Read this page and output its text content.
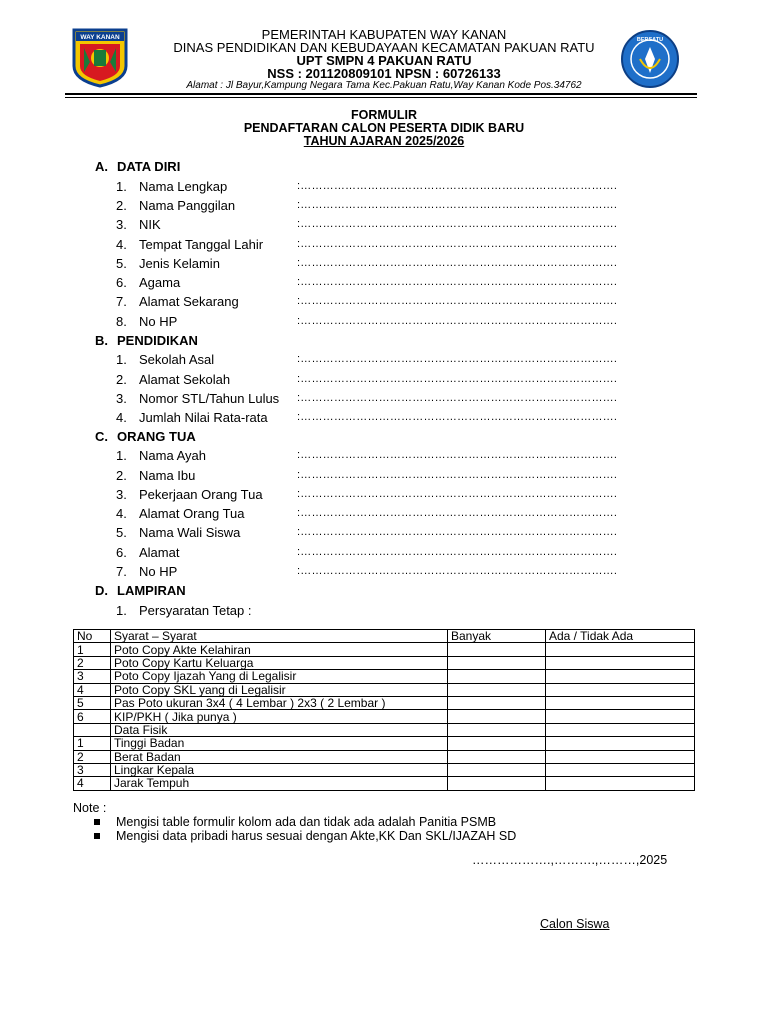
WAY KANAN	BERSATU
PEMERINTAH KABUPATEN WAY KANAN
DINAS PENDIDIKAN DAN KEBUDAYAAN KECAMATAN PAKUAN RATU
UPT SMPN 4 PAKUAN RATU
NSS : 201120809101 NPSN : 60726133
Alamat : Jl Bayur,Kampung Negara Tama Kec.Pakuan Ratu,Way Kanan Kode Pos.34762
FORMULIR
PENDAFTARAN CALON PESERTA DIDIK BARU
TAHUN AJARAN 2025/2026
A. DATA DIRI
1. Nama Lengkap	:………………………………………………………………………….
2. Nama Panggilan	:………………………………………………………………………….
3. NIK	:………………………………………………………………………….
4. Tempat Tanggal Lahir	:………………………………………………………………………….
5. Jenis Kelamin	:………………………………………………………………………….
6. Agama	:………………………………………………………………………….
7. Alamat Sekarang	:………………………………………………………………………….
8. No HP	:………………………………………………………………………….
B. PENDIDIKAN
1. Sekolah Asal	:………………………………………………………………………….
2. Alamat Sekolah	:………………………………………………………………………….
3. Nomor STL/Tahun Lulus :………………………………………………………………………….
4. Jumlah Nilai Rata-rata	:………………………………………………………………………….
C. ORANG TUA
1. Nama Ayah	:………………………………………………………………………….
2. Nama Ibu	:………………………………………………………………………….
3. Pekerjaan Orang Tua	:………………………………………………………………………….
4. Alamat Orang Tua	:………………………………………………………………………….
5. Nama Wali Siswa	:………………………………………………………………………….
6. Alamat	:………………………………………………………………………….
7. No HP	:………………………………………………………………………….
D. LAMPIRAN
1. Persyaratan Tetap :
No	Syarat – Syarat	Banyak	Ada / Tidak Ada
1	Poto Copy Akte Kelahiran		
2	Poto Copy Kartu Keluarga		
3	Poto Copy Ijazah Yang di Legalisir		
4	Poto Copy SKL yang di Legalisir		
5	Pas Poto ukuran 3x4 ( 4 Lembar ) 2x3 ( 2 Lembar )		
6	KIP/PKH ( Jika punya )		
	Data Fisik		
1	Tinggi Badan		
2	Berat Badan		
3	Lingkar Kepala		
4	Jarak Tempuh		
Note :
Mengisi table formulir kolom ada dan tidak ada adalah Panitia PSMB
Mengisi data pribadi harus sesuai dengan Akte,KK Dan SKL/IJAZAH SD
……………….,……….,………,2025
Calon Siswa
